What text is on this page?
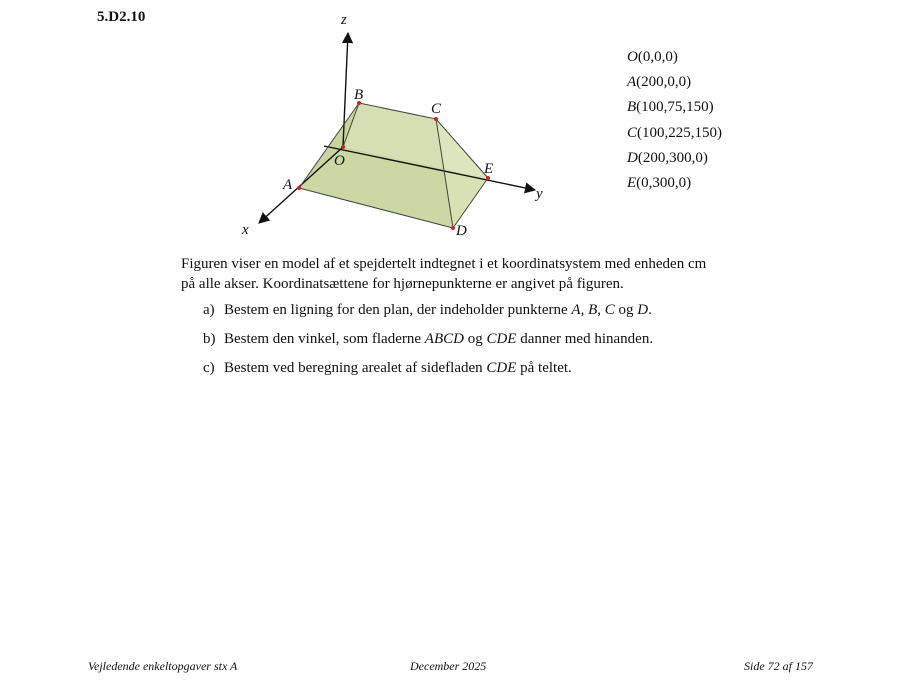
5.D2.10	z
y
x
O
A
B
C
D
E
O(0,0,0)
A(200,0,0)
B(100,75,150)
C(100,225,150)
D(200,300,0)
E(0,300,0)
Figuren viser en model af et spejdertelt indtegnet i et koordinatsystem med enheden cm
på alle akser. Koordinatsættene for hjørnepunkterne er angivet på figuren.
a) Bestem en ligning for den plan, der indeholder punkterne A, B, C og D.
b) Bestem den vinkel, som fladerne ABCD og CDE danner med hinanden.
c) Bestem ved beregning arealet af sidefladen CDE på teltet.
Vejledende enkeltopgaver stx A	December 2025	Side 72 af 157
